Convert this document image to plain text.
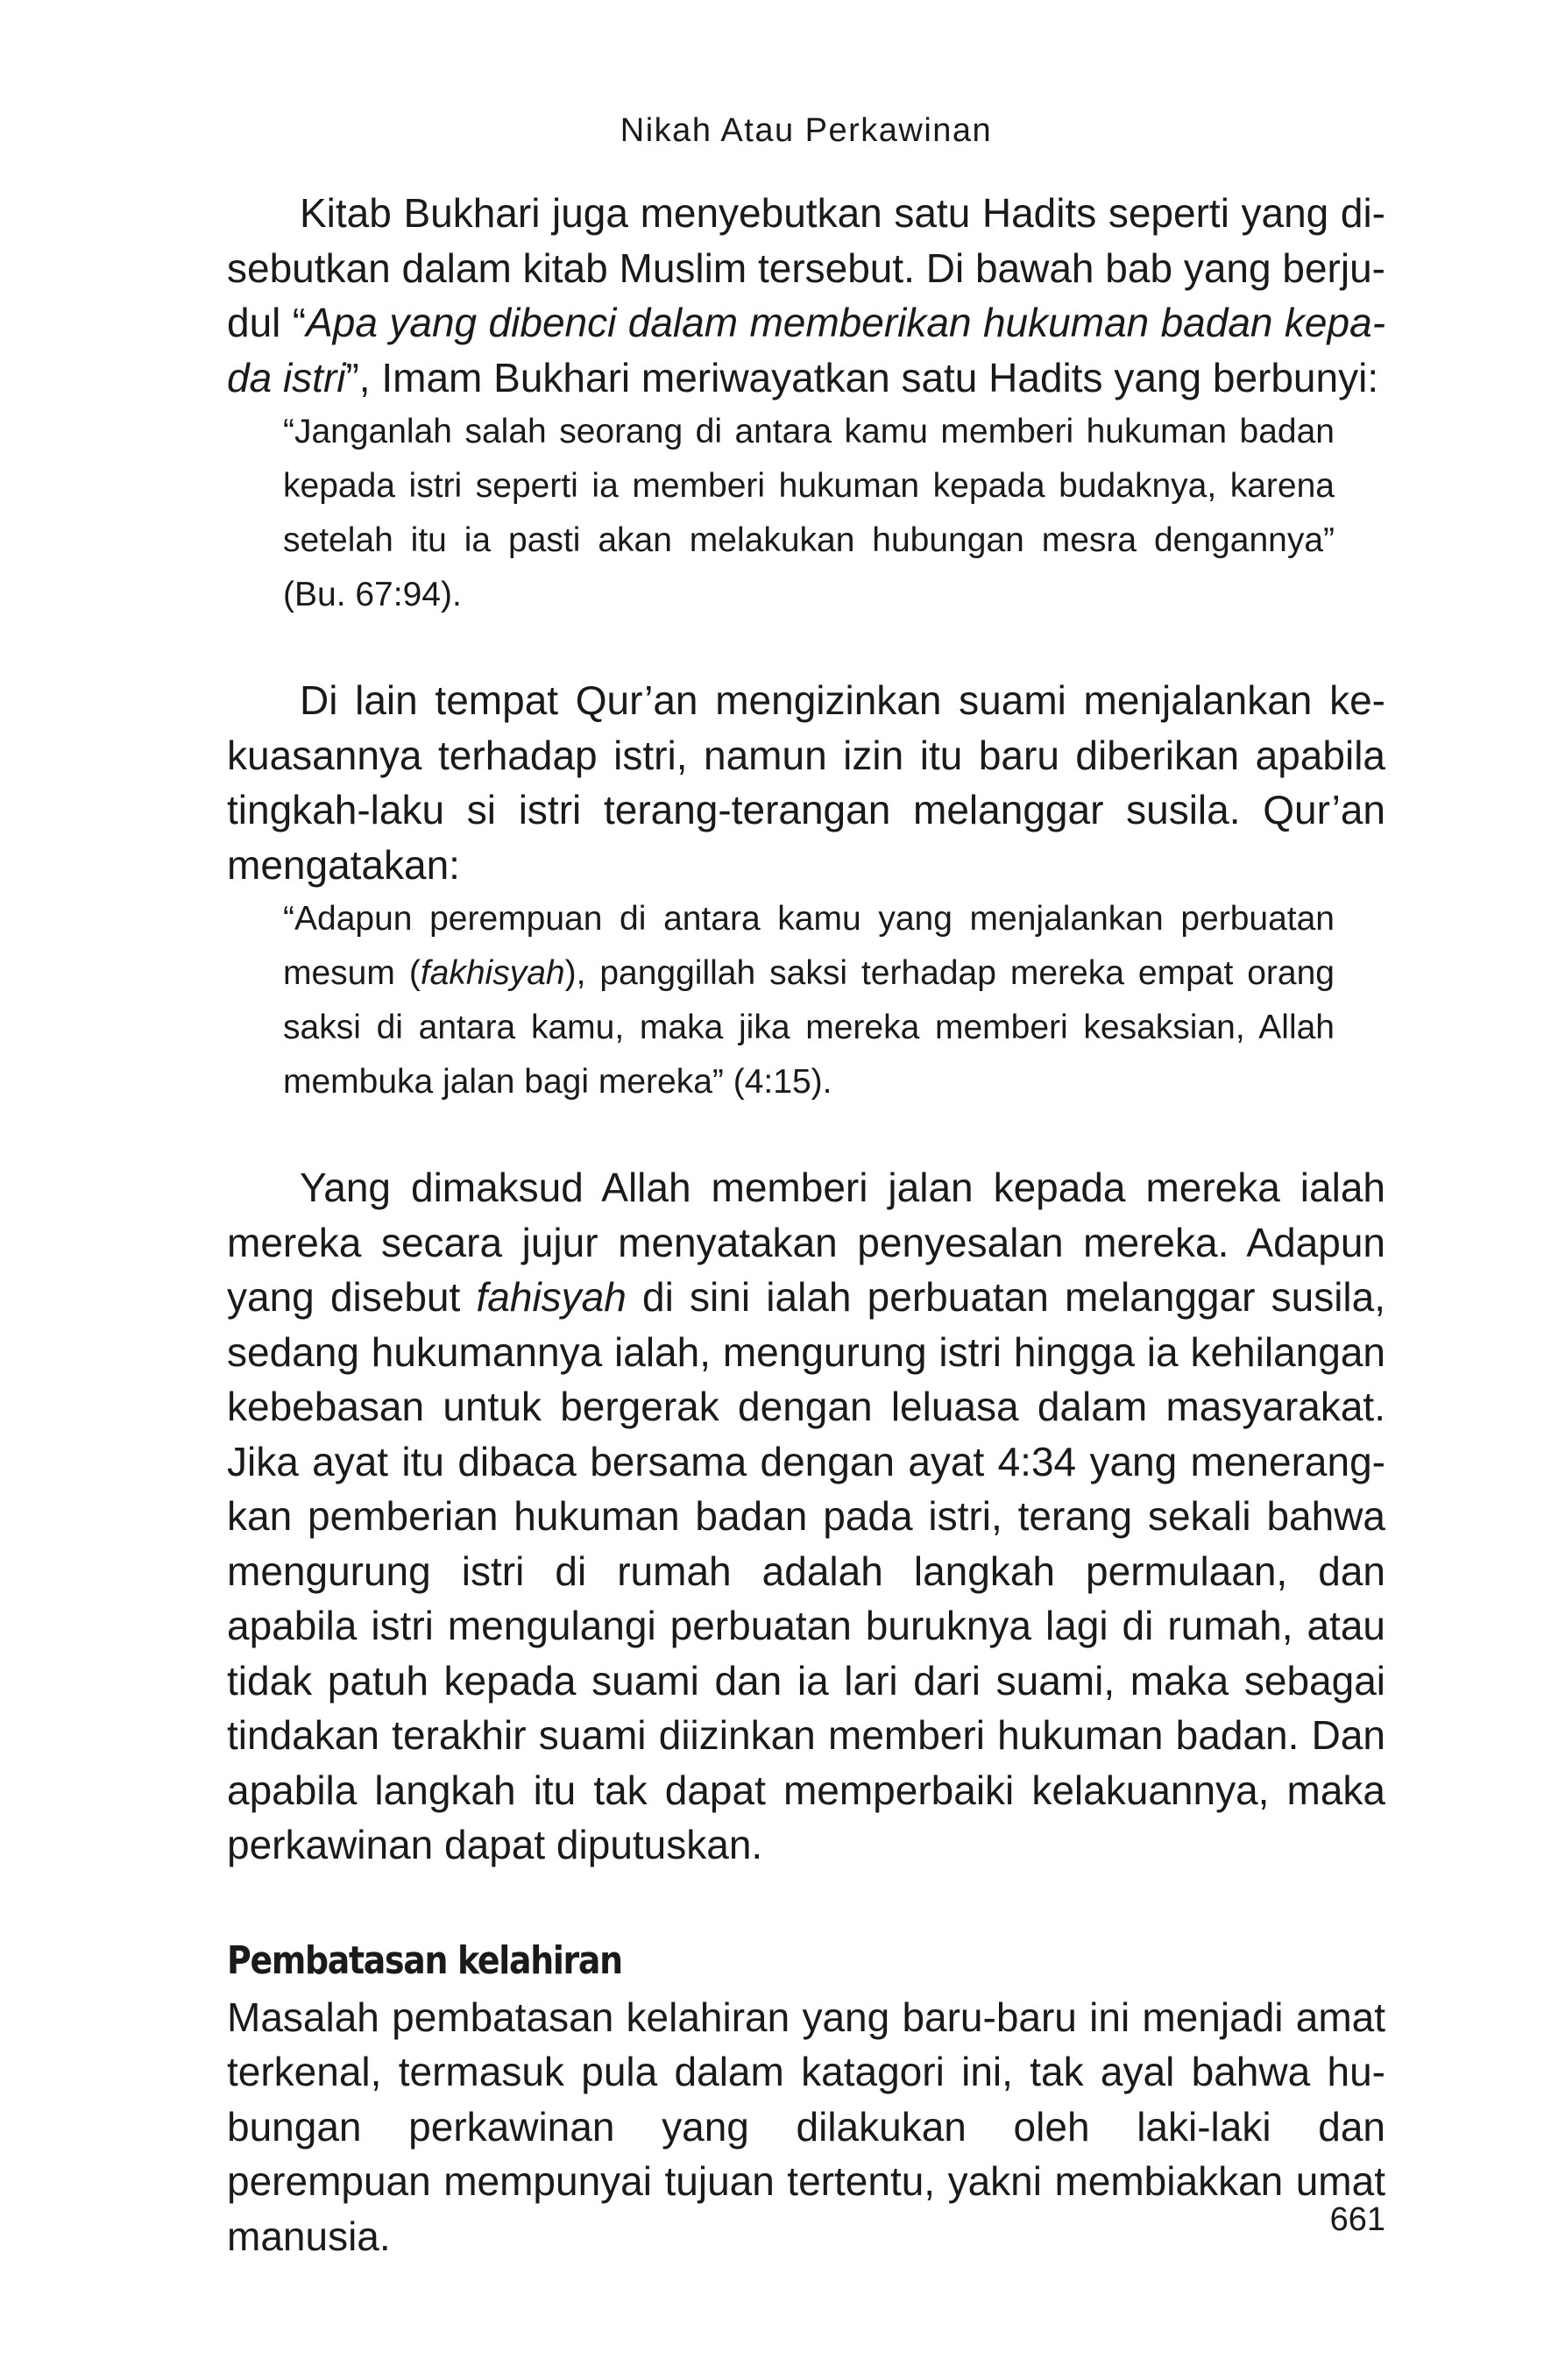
Nikah Atau Perkawinan

Kitab Bukhari juga menyebutkan satu Hadits seperti yang disebutkan dalam kitab Muslim tersebut. Di bawah bab yang berjudul “Apa yang dibenci dalam memberikan hukuman badan kepada istri”, Imam Bukhari meriwayatkan satu Hadits yang berbunyi:

“Janganlah salah seorang di antara kamu memberi hukuman badan kepada istri seperti ia memberi hukuman kepada budaknya, karena setelah itu ia pasti akan melakukan hubungan mesra dengannya” (Bu. 67:94).

Di lain tempat Qur’an mengizinkan suami menjalankan kekuasannya terhadap istri, namun izin itu baru diberikan apabila tingkah-laku si istri terang-terangan melanggar susila. Qur’an mengatakan:

“Adapun perempuan di antara kamu yang menjalankan perbuatan mesum (fakhisyah), panggillah saksi terhadap mereka empat orang saksi di antara kamu, maka jika mereka memberi kesaksian, Allah membuka jalan bagi mereka” (4:15).

Yang dimaksud Allah memberi jalan kepada mereka ialah mereka secara jujur menyatakan penyesalan mereka. Adapun yang disebut fahisyah di sini ialah perbuatan melanggar susila, sedang hukumannya ialah, mengurung istri hingga ia kehilangan kebebasan untuk bergerak dengan leluasa dalam masyarakat. Jika ayat itu dibaca bersama dengan ayat 4:34 yang menerangkan pemberian hukuman badan pada istri, terang sekali bahwa mengurung istri di rumah adalah langkah permulaan, dan apabila istri mengulangi perbuatan buruknya lagi di rumah, atau tidak patuh kepada suami dan ia lari dari suami, maka sebagai tindakan terakhir suami diizinkan memberi hukuman badan. Dan apabila langkah itu tak dapat memperbaiki kelakuannya, maka perkawinan dapat diputuskan.

Pembatasan kelahiran

Masalah pembatasan kelahiran yang baru-baru ini menjadi amat terkenal, termasuk pula dalam katagori ini, tak ayal bahwa hubungan perkawinan yang dilakukan oleh laki-laki dan perempuan mempunyai tujuan tertentu, yakni membiakkan umat manusia.	661
